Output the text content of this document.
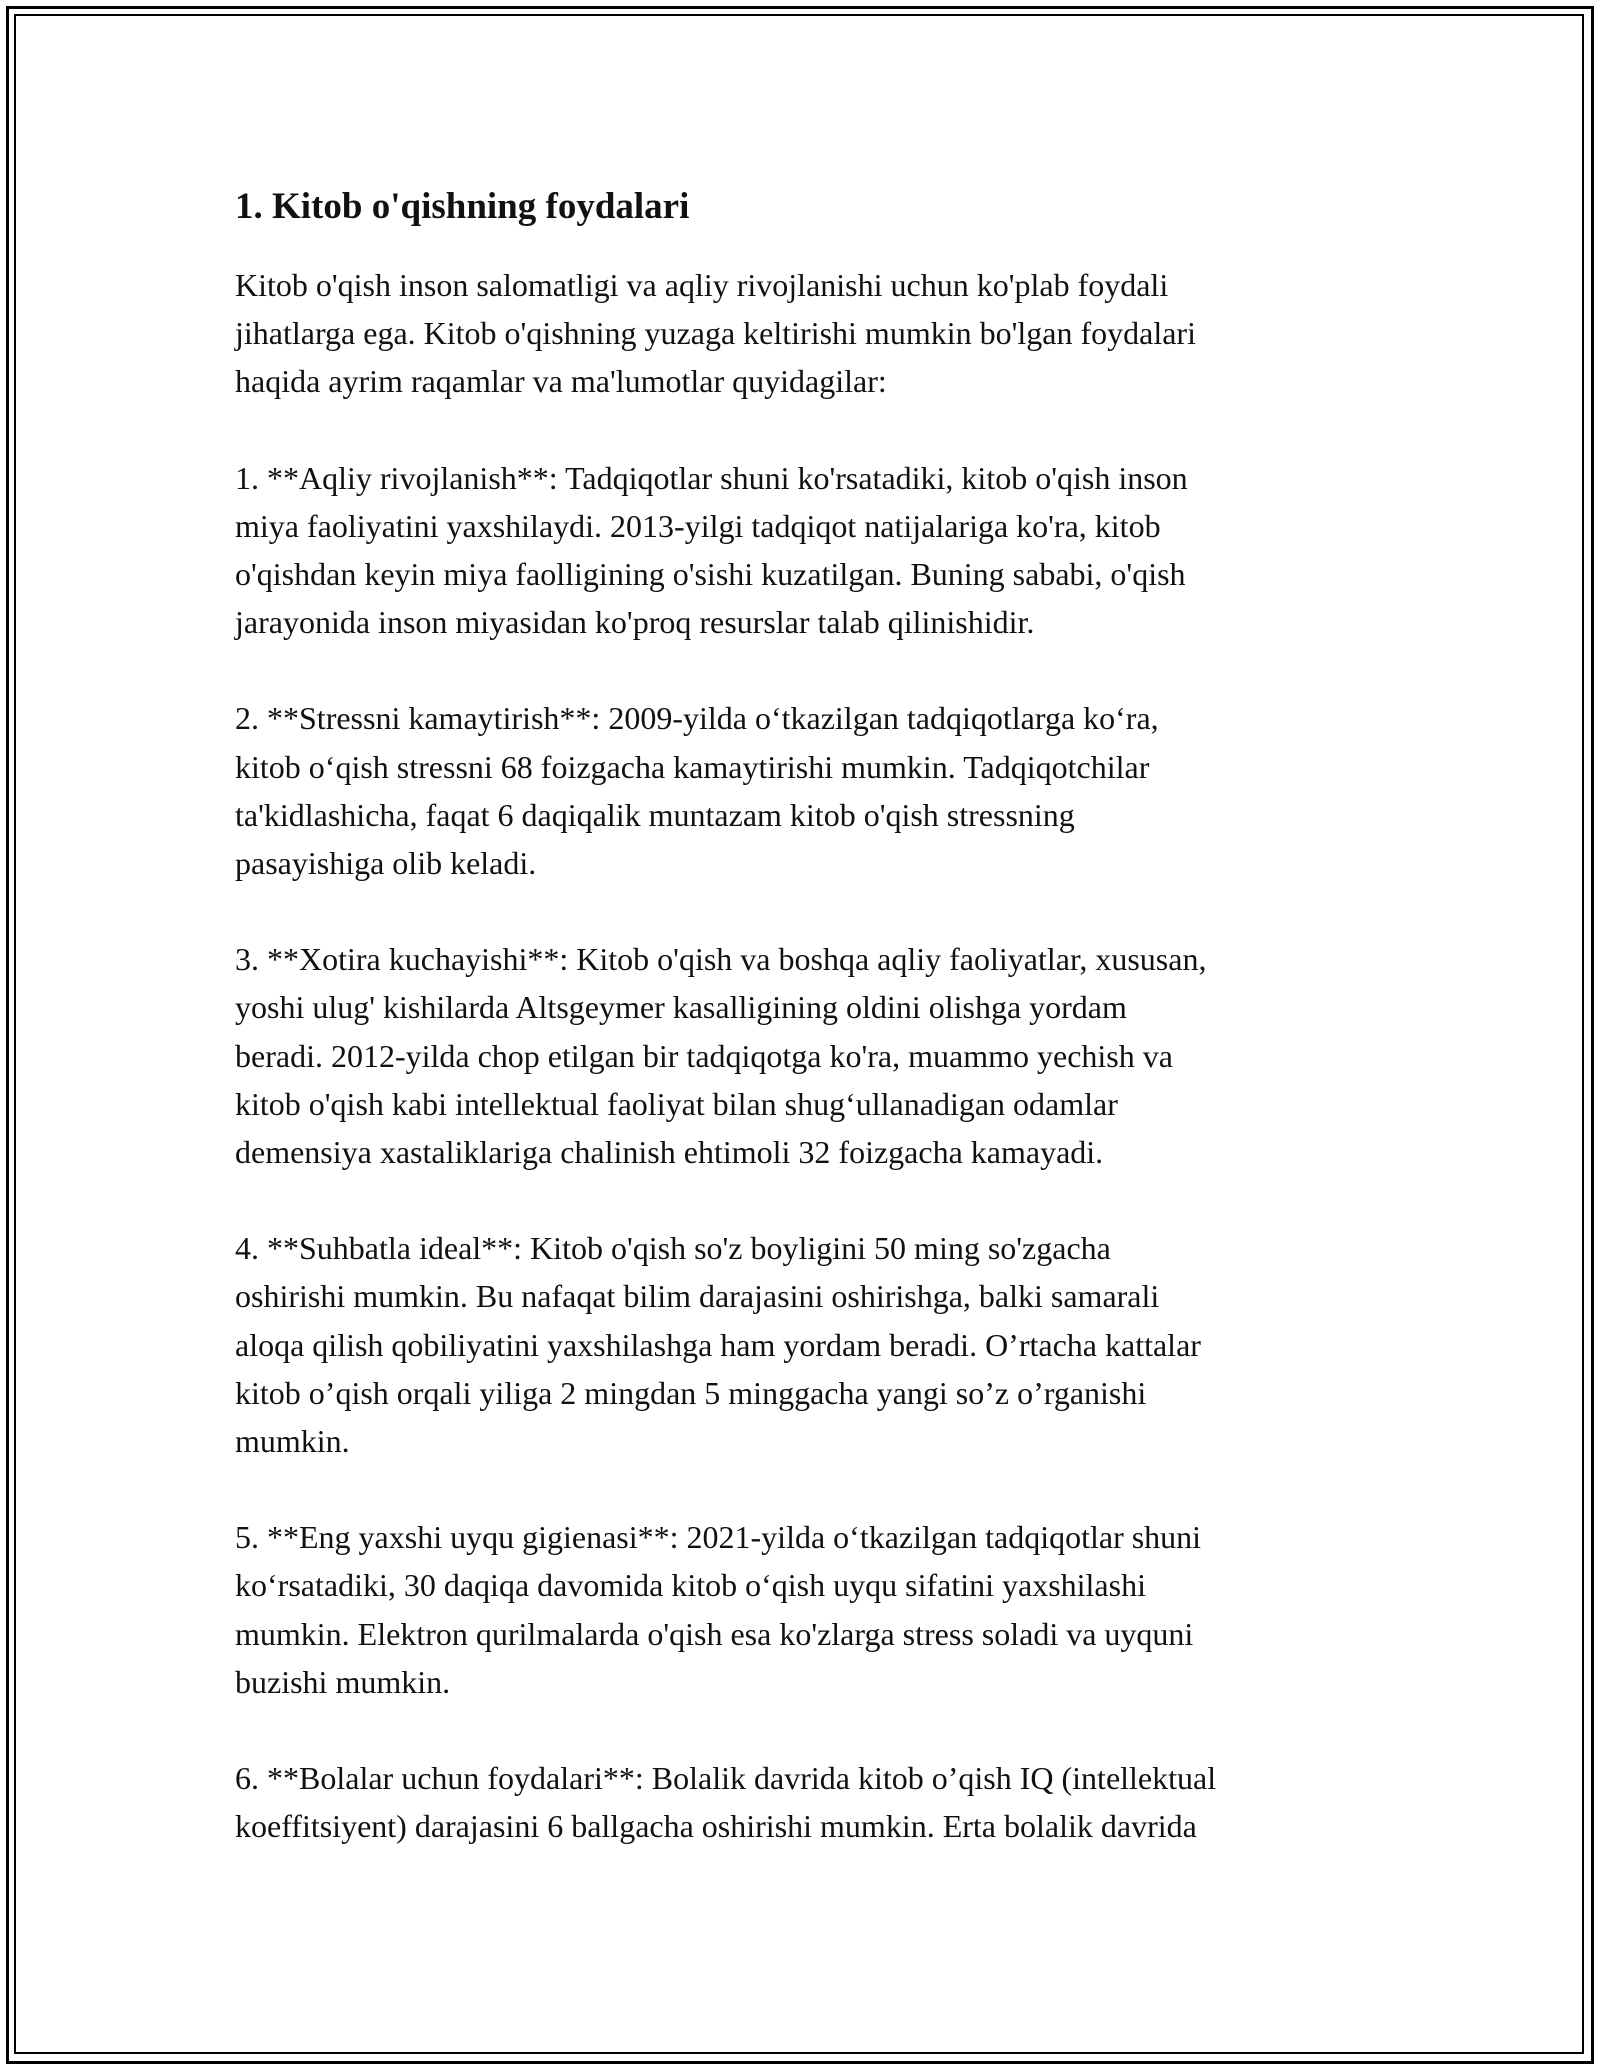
1. Kitob o'qishning foydalari

Kitob o'qish inson salomatligi va aqliy rivojlanishi uchun ko'plab foydali
jihatlarga ega. Kitob o'qishning yuzaga keltirishi mumkin bo'lgan foydalari
haqida ayrim raqamlar va ma'lumotlar quyidagilar:

1. **Aqliy rivojlanish**: Tadqiqotlar shuni ko'rsatadiki, kitob o'qish inson
miya faoliyatini yaxshilaydi. 2013-yilgi tadqiqot natijalariga ko'ra, kitob
o'qishdan keyin miya faolligining o'sishi kuzatilgan. Buning sababi, o'qish
jarayonida inson miyasidan ko'proq resurslar talab qilinishidir.

2. **Stressni kamaytirish**: 2009-yilda o‘tkazilgan tadqiqotlarga ko‘ra,
kitob o‘qish stressni 68 foizgacha kamaytirishi mumkin. Tadqiqotchilar
ta'kidlashicha, faqat 6 daqiqalik muntazam kitob o'qish stressning
pasayishiga olib keladi.

3. **Xotira kuchayishi**: Kitob o'qish va boshqa aqliy faoliyatlar, xususan,
yoshi ulug' kishilarda Altsgeymer kasalligining oldini olishga yordam
beradi. 2012-yilda chop etilgan bir tadqiqotga ko'ra, muammo yechish va
kitob o'qish kabi intellektual faoliyat bilan shug‘ullanadigan odamlar
demensiya xastaliklariga chalinish ehtimoli 32 foizgacha kamayadi.

4. **Suhbatla ideal**: Kitob o'qish so'z boyligini 50 ming so'zgacha
oshirishi mumkin. Bu nafaqat bilim darajasini oshirishga, balki samarali
aloqa qilish qobiliyatini yaxshilashga ham yordam beradi. O’rtacha kattalar
kitob o’qish orqali yiliga 2 mingdan 5 minggacha yangi so’z o’rganishi
mumkin.

5. **Eng yaxshi uyqu gigienasi**: 2021-yilda o‘tkazilgan tadqiqotlar shuni
ko‘rsatadiki, 30 daqiqa davomida kitob o‘qish uyqu sifatini yaxshilashi
mumkin. Elektron qurilmalarda o'qish esa ko'zlarga stress soladi va uyquni
buzishi mumkin.

6. **Bolalar uchun foydalari**: Bolalik davrida kitob o’qish IQ (intellektual
koeffitsiyent) darajasini 6 ballgacha oshirishi mumkin. Erta bolalik davrida
